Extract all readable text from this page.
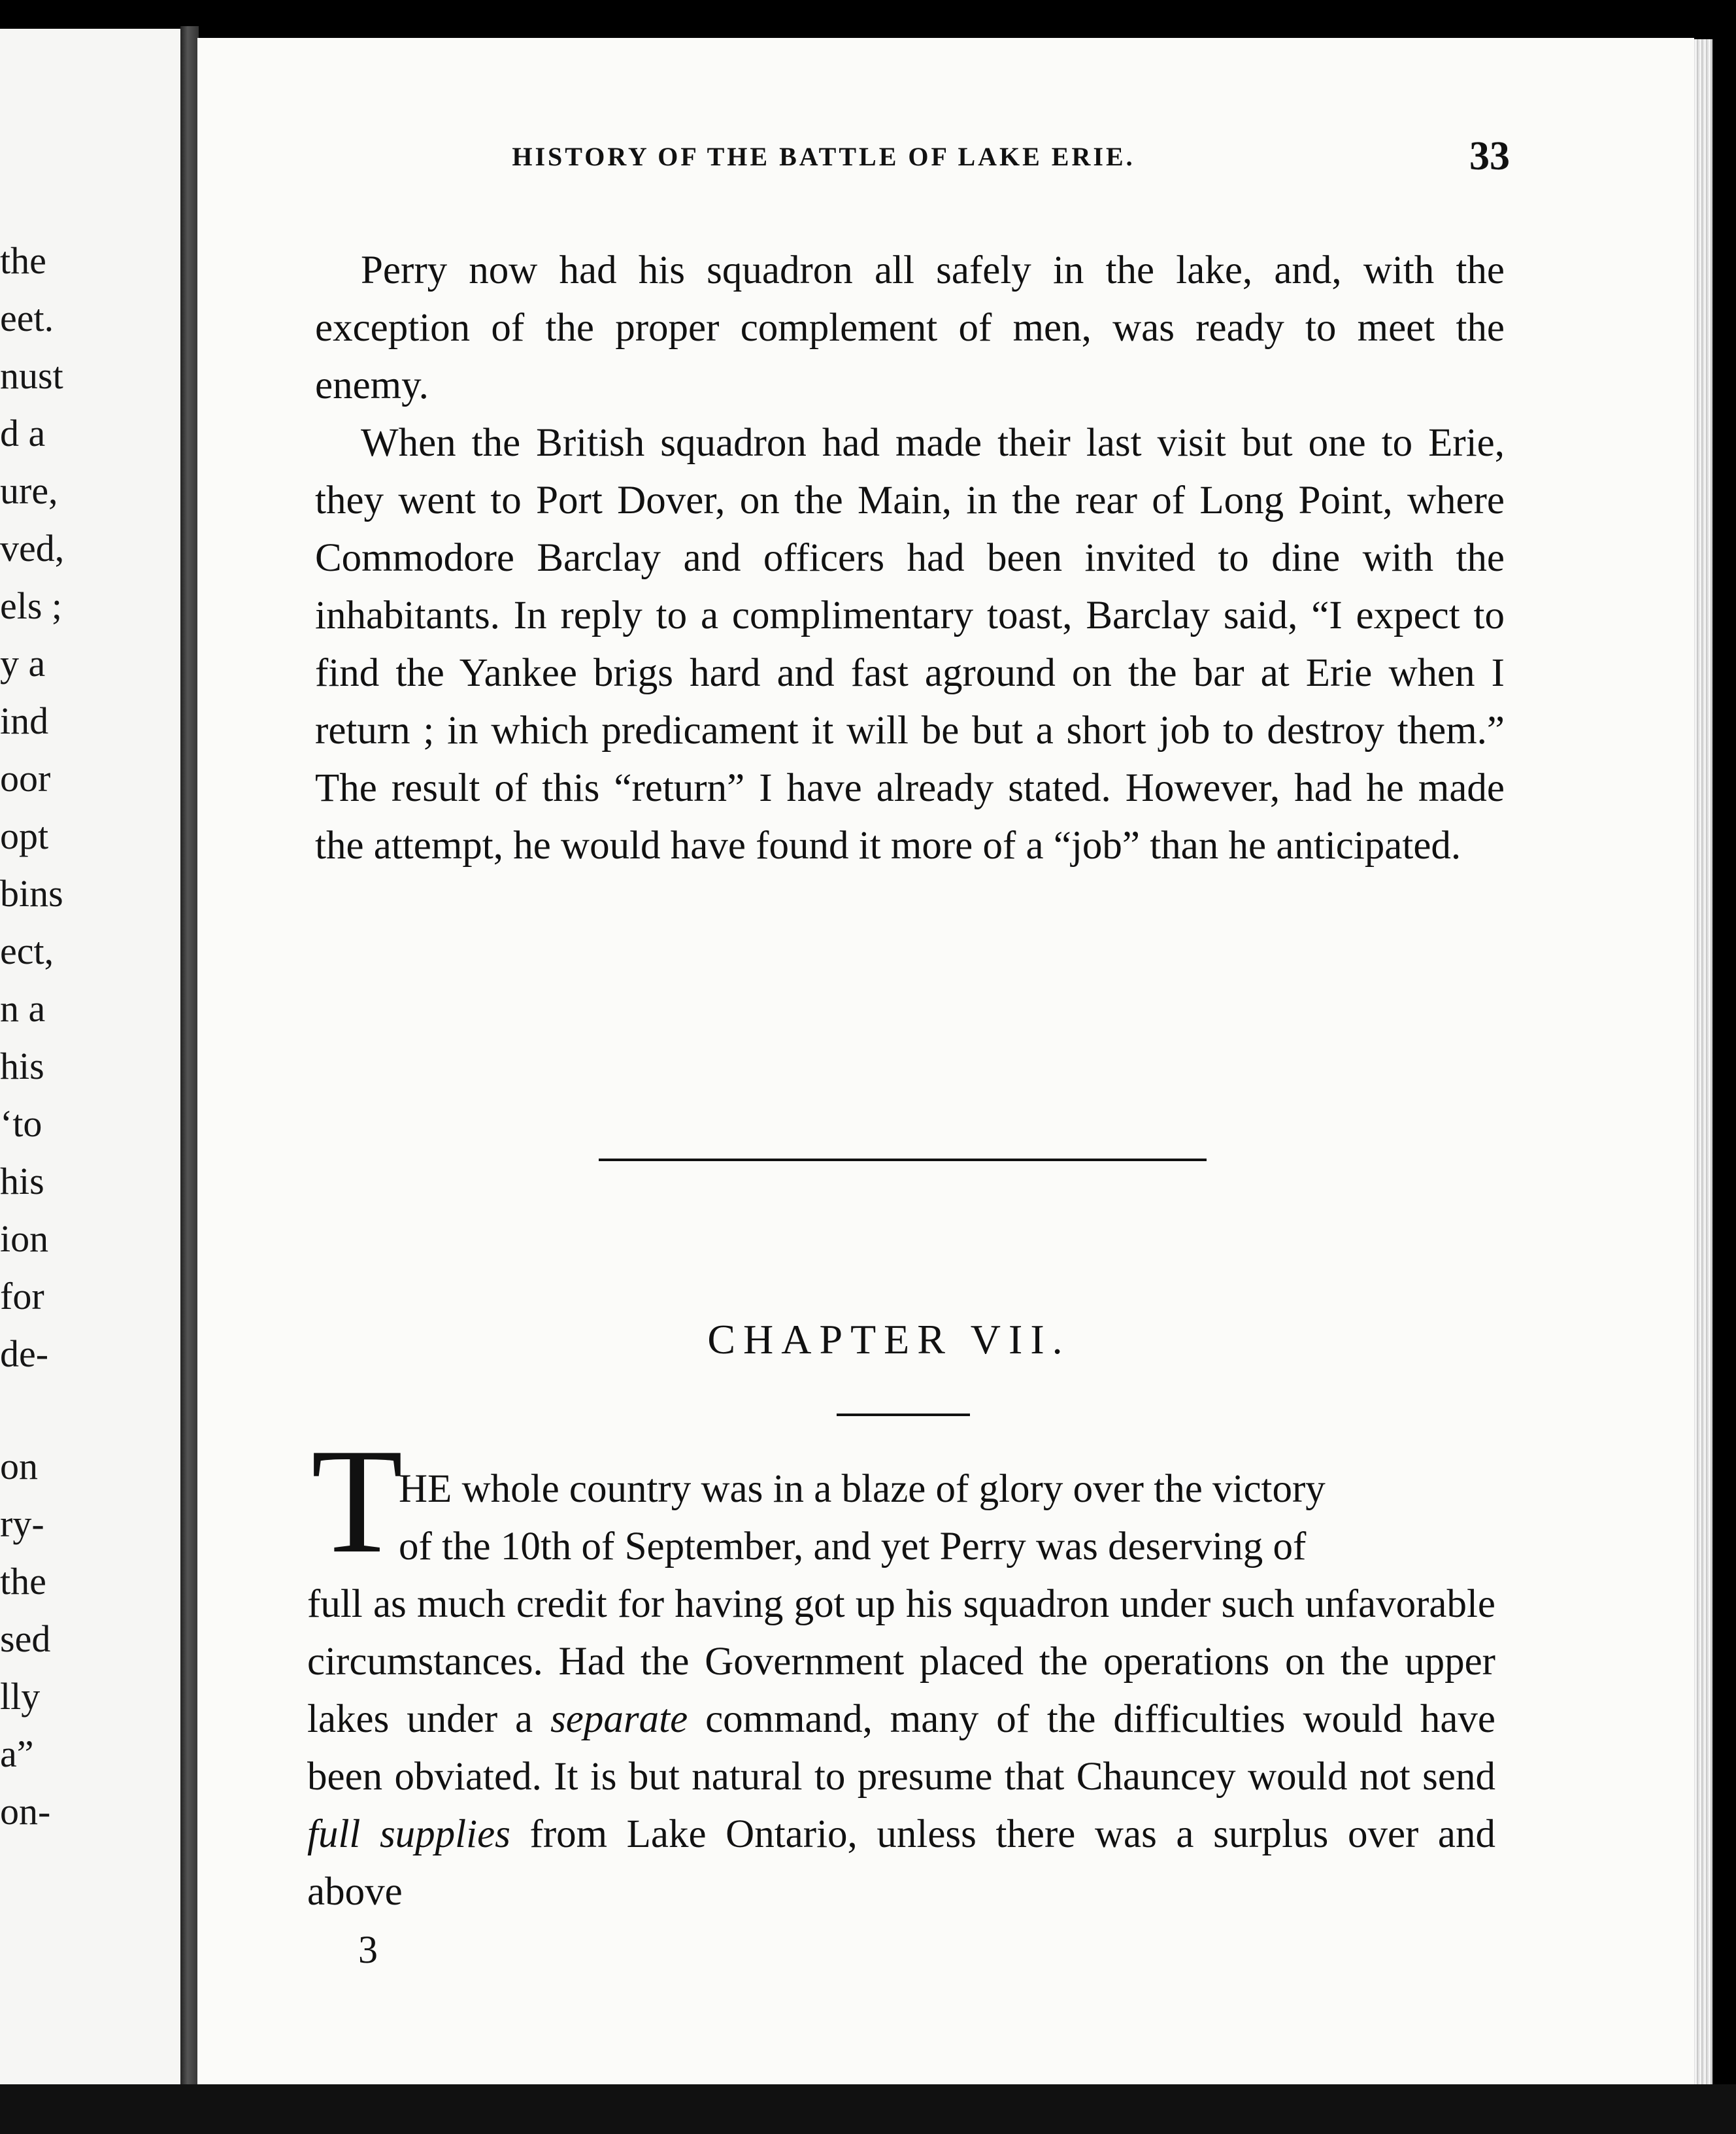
the
eet.
nust
d a
ure,
ved,
els ;
y a
ind
oor
opt
bins
ect,
n a
his
‘to
his
ion
for
de-
on
ry-
the
sed
lly
a”
on-
HISTORY OF THE BATTLE OF LAKE ERIE.	33
Perry now had his squadron all safely in the lake, and, with the exception of the proper complement of men, was ready to meet the enemy.
When the British squadron had made their last visit but one to Erie, they went to Port Dover, on the Main, in the rear of Long Point, where Commodore Barclay and officers had been invited to dine with the inhabitants. In reply to a complimentary toast, Barclay said, “I expect to find the Yankee brigs hard and fast aground on the bar at Erie when I return ; in which predicament it will be but a short job to destroy them.” The result of this “return” I have already stated. However, had he made the attempt, he would have found it more of a “job” than he anticipated.
CHAPTER VII.
T
HE whole country was in a blaze of glory over the victory
of the 10th of September, and yet Perry was deserving of
full as much credit for having got up his squadron under such unfavorable circumstances. Had the Government placed the operations on the upper lakes under a separate command, many of the difficulties would have been obviated. It is but natural to presume that Chauncey would not send full supplies from Lake Ontario, unless there was a surplus over and above
3
